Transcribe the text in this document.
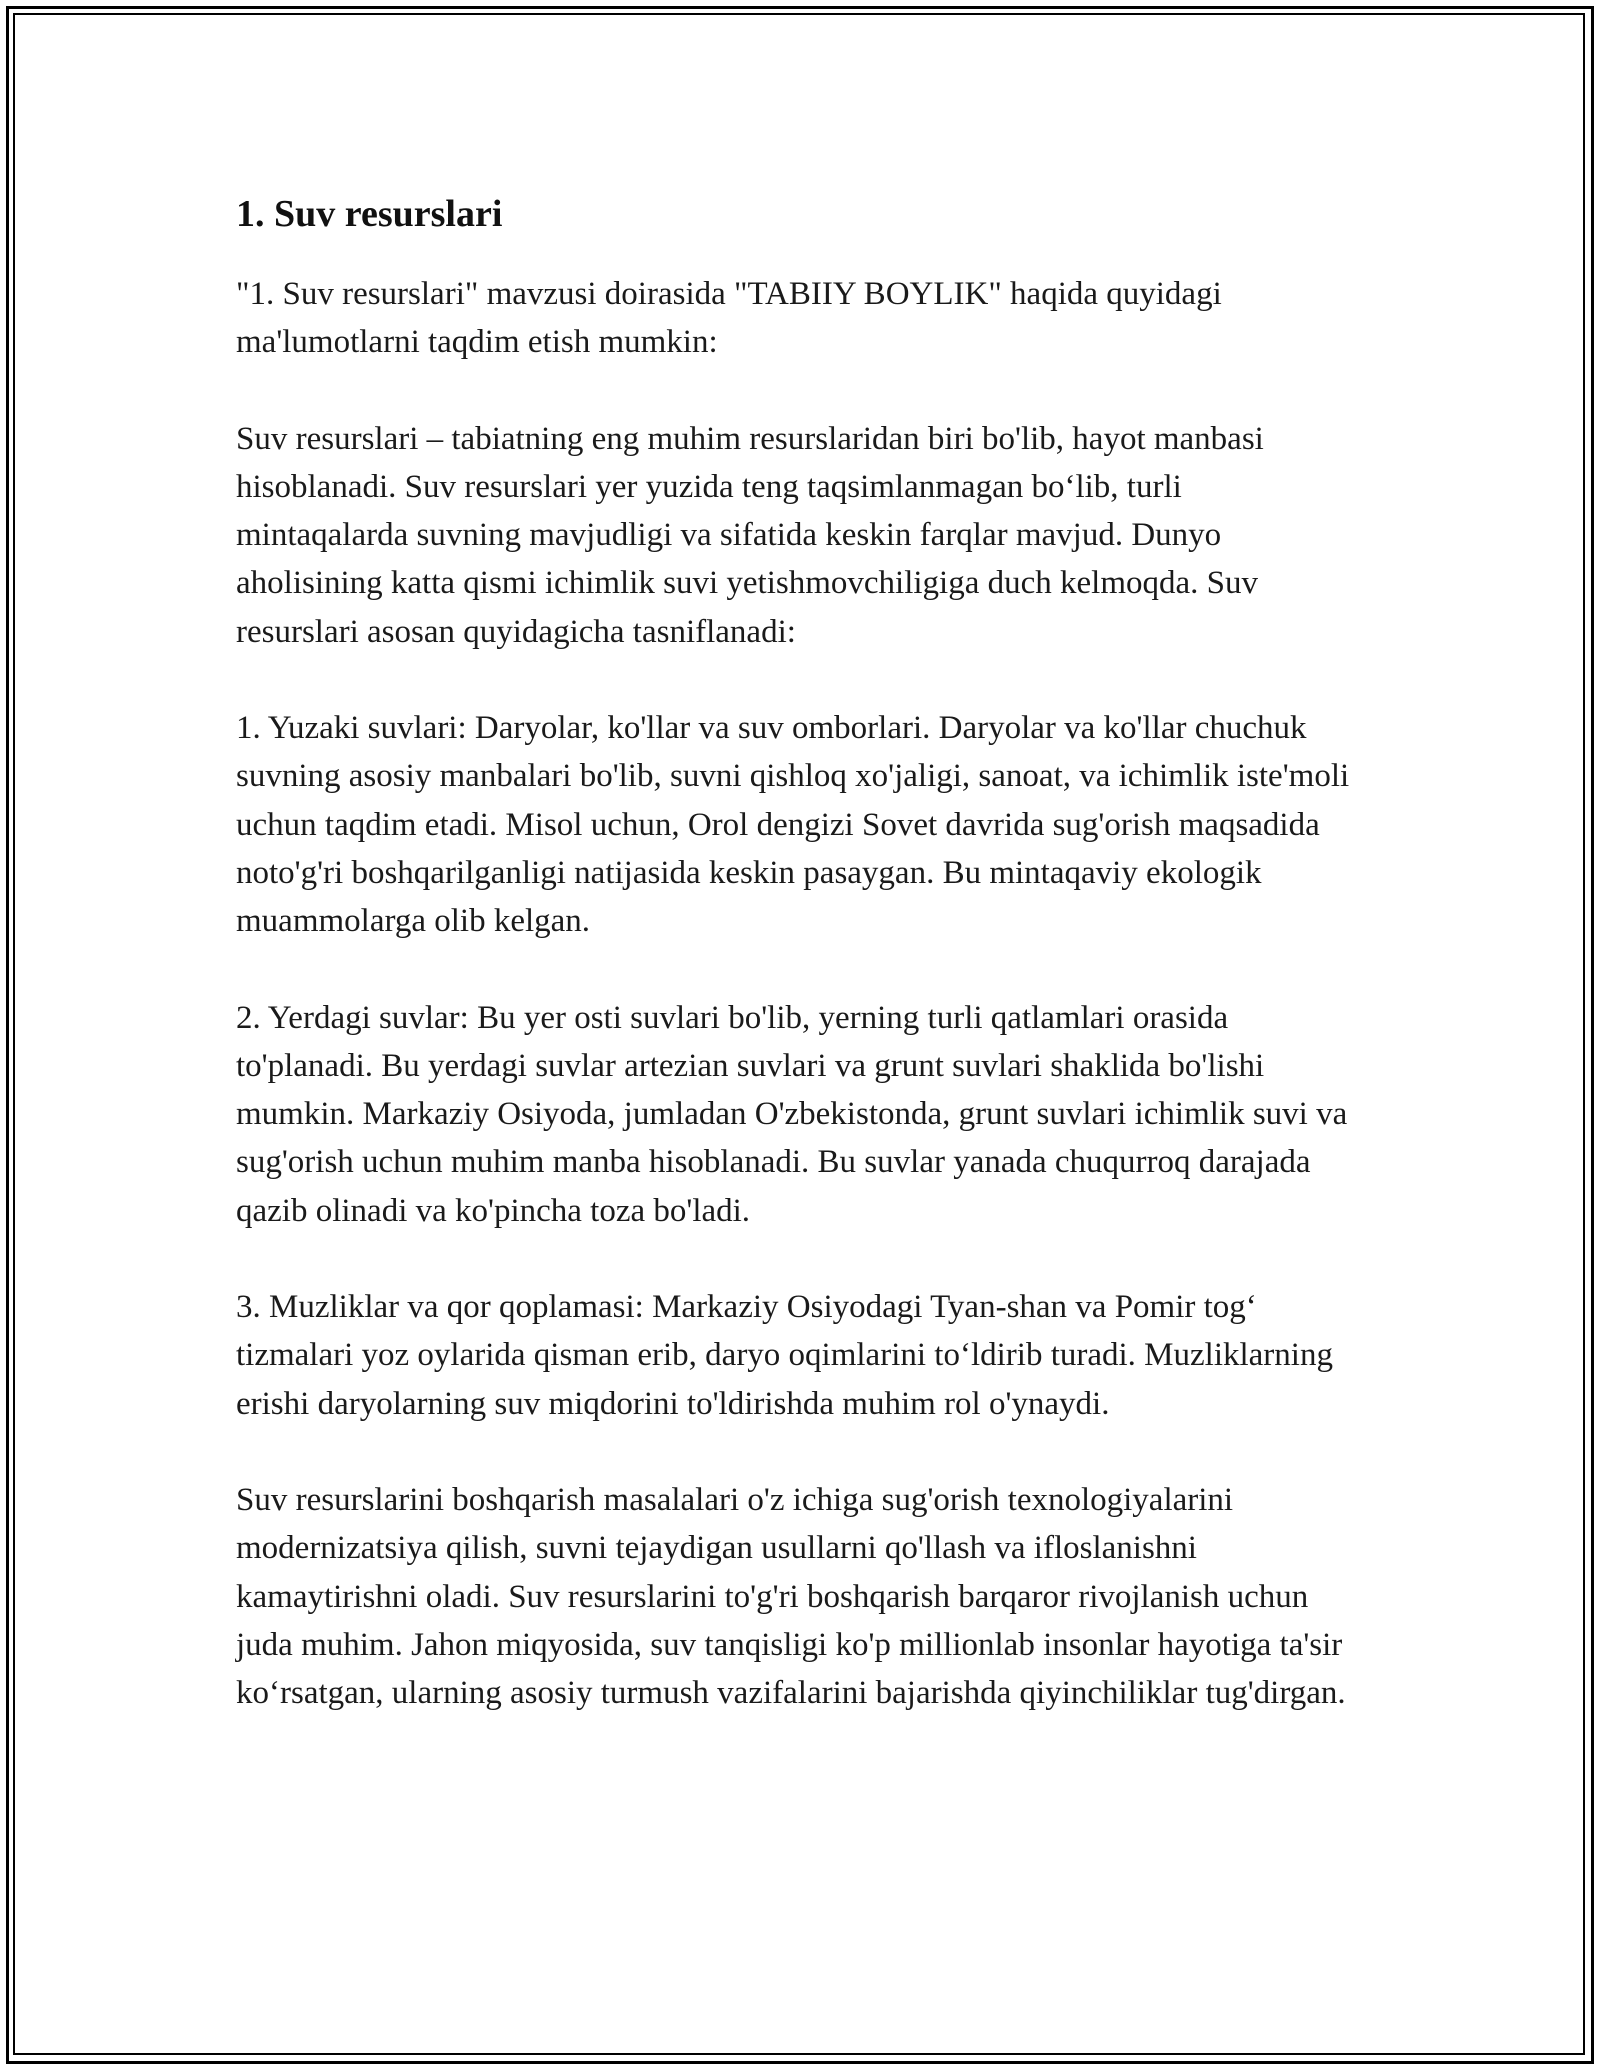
1. Suv resurslari

"1. Suv resurslari" mavzusi doirasida "TABIIY BOYLIK" haqida quyidagi ma'lumotlarni taqdim etish mumkin:

Suv resurslari – tabiatning eng muhim resurslaridan biri bo'lib, hayot manbasi hisoblanadi. Suv resurslari yer yuzida teng taqsimlanmagan bo‘lib, turli mintaqalarda suvning mavjudligi va sifatida keskin farqlar mavjud. Dunyo aholisining katta qismi ichimlik suvi yetishmovchiligiga duch kelmoqda. Suv resurslari asosan quyidagicha tasniflanadi:

1. Yuzaki suvlari: Daryolar, ko'llar va suv omborlari. Daryolar va ko'llar chuchuk suvning asosiy manbalari bo'lib, suvni qishloq xo'jaligi, sanoat, va ichimlik iste'moli uchun taqdim etadi. Misol uchun, Orol dengizi Sovet davrida sug'orish maqsadida noto'g'ri boshqarilganligi natijasida keskin pasaygan. Bu mintaqaviy ekologik muammolarga olib kelgan.

2. Yerdagi suvlar: Bu yer osti suvlari bo'lib, yerning turli qatlamlari orasida to'planadi. Bu yerdagi suvlar artezian suvlari va grunt suvlari shaklida bo'lishi mumkin. Markaziy Osiyoda, jumladan O'zbekistonda, grunt suvlari ichimlik suvi va sug'orish uchun muhim manba hisoblanadi. Bu suvlar yanada chuqurroq darajada qazib olinadi va ko'pincha toza bo'ladi.

3. Muzliklar va qor qoplamasi: Markaziy Osiyodagi Tyan-shan va Pomir tog‘ tizmalari yoz oylarida qisman erib, daryo oqimlarini to‘ldirib turadi. Muzliklarning erishi daryolarning suv miqdorini to'ldirishda muhim rol o'ynaydi.

Suv resurslarini boshqarish masalalari o'z ichiga sug'orish texnologiyalarini modernizatsiya qilish, suvni tejaydigan usullarni qo'llash va ifloslanishni kamaytirishni oladi. Suv resurslarini to'g'ri boshqarish barqaror rivojlanish uchun juda muhim. Jahon miqyosida, suv tanqisligi ko'p millionlab insonlar hayotiga ta'sir ko‘rsatgan, ularning asosiy turmush vazifalarini bajarishda qiyinchiliklar tug'dirgan.
